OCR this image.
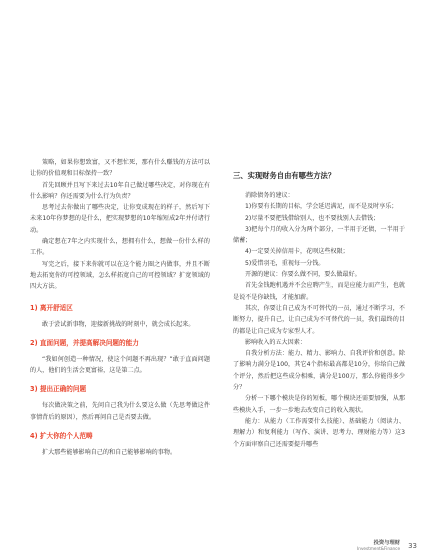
策略，如果你想致富，又不想忙死，那有什么赚钱的方法可以让你的价值观和目标保持一致？

首先回顾并且写下来过去10年自己做过哪些决定，对你现在有什么影响？你还需要为什么行为负责？

思考过去你做出了哪些决定，让你变成现在的样子，然后写下未来10年你梦想的是什么，把实现梦想的10年缩短成2年并付诸行动。

确定想在7年之内实现什么，想拥有什么，想做一份什么样的工作。

写完之后，接下来你就可以在这个能力圈之内做事，并且不断地去拓宽你的可控领域，怎么样拓宽自己的可控领域？扩宽领域的四大方法。

1) 离开舒适区

敢于尝试新事物，迎接新挑战的时刻中，就会成长起来。

2) 直面问题，并提高解决问题的能力

“我如何创造一种情况，使这个问题不再出现？”敢于直面问题的人，他们的生活会更富裕，这是第二点。

3) 提出正确的问题

每次做决策之前，先问自己我为什么要这么做（先思考做这件事情背后的原因），然后再问自己是否要去做。

4) 扩大你的个人范畴

扩大那些能够影响自己的和自己能够影响的事物。

三、实现财务自由有哪些方法？

消除债务的建议：

1)你要有长期的目标，学会延迟满足，而不是及时享乐；

2)尽量不要把钱借给别人，也不要找别人去借钱；

3)把每个月的收入分为两个部分，一半用于还债，一半用于储蓄；

4)一定要关掉信用卡，花呗这些权限；

5)爱惜羽毛，重视每一分钱。

开源的建议：你要么做不同，要么做最好。

首先金钱跑机遇并不会应聘产生，而是应能力而产生，也就是说不是你缺钱，才能加薪。

其次，你要让自己成为不可替代的一员，通过不断学习，不断努力，提升自己，让自己成为不可替代的一员，我们最终的目的都是让自己成为专家型人才。

影响收入的五大因素：

自我分析方法：能力、精力、影响力、自我评价和创意。除了影响力满分是100，其它4个指标最高都是10分，你给自己做个评分，然后把这些成分相乘，满分是100万，那么你能得多少分？

分析一下哪个模块是你的短板，哪个模块还需要加强，从那些模块入手，一步一步地去改变自己的收入现状。

能力：从能力（工作需要什么技能）、基础能力（阅读力、理解力）和复利能力（写作、演讲、思考力、理财能力等）这3个方面审察自己还需要提升哪些

投资与理财
Investment&Finance 33
